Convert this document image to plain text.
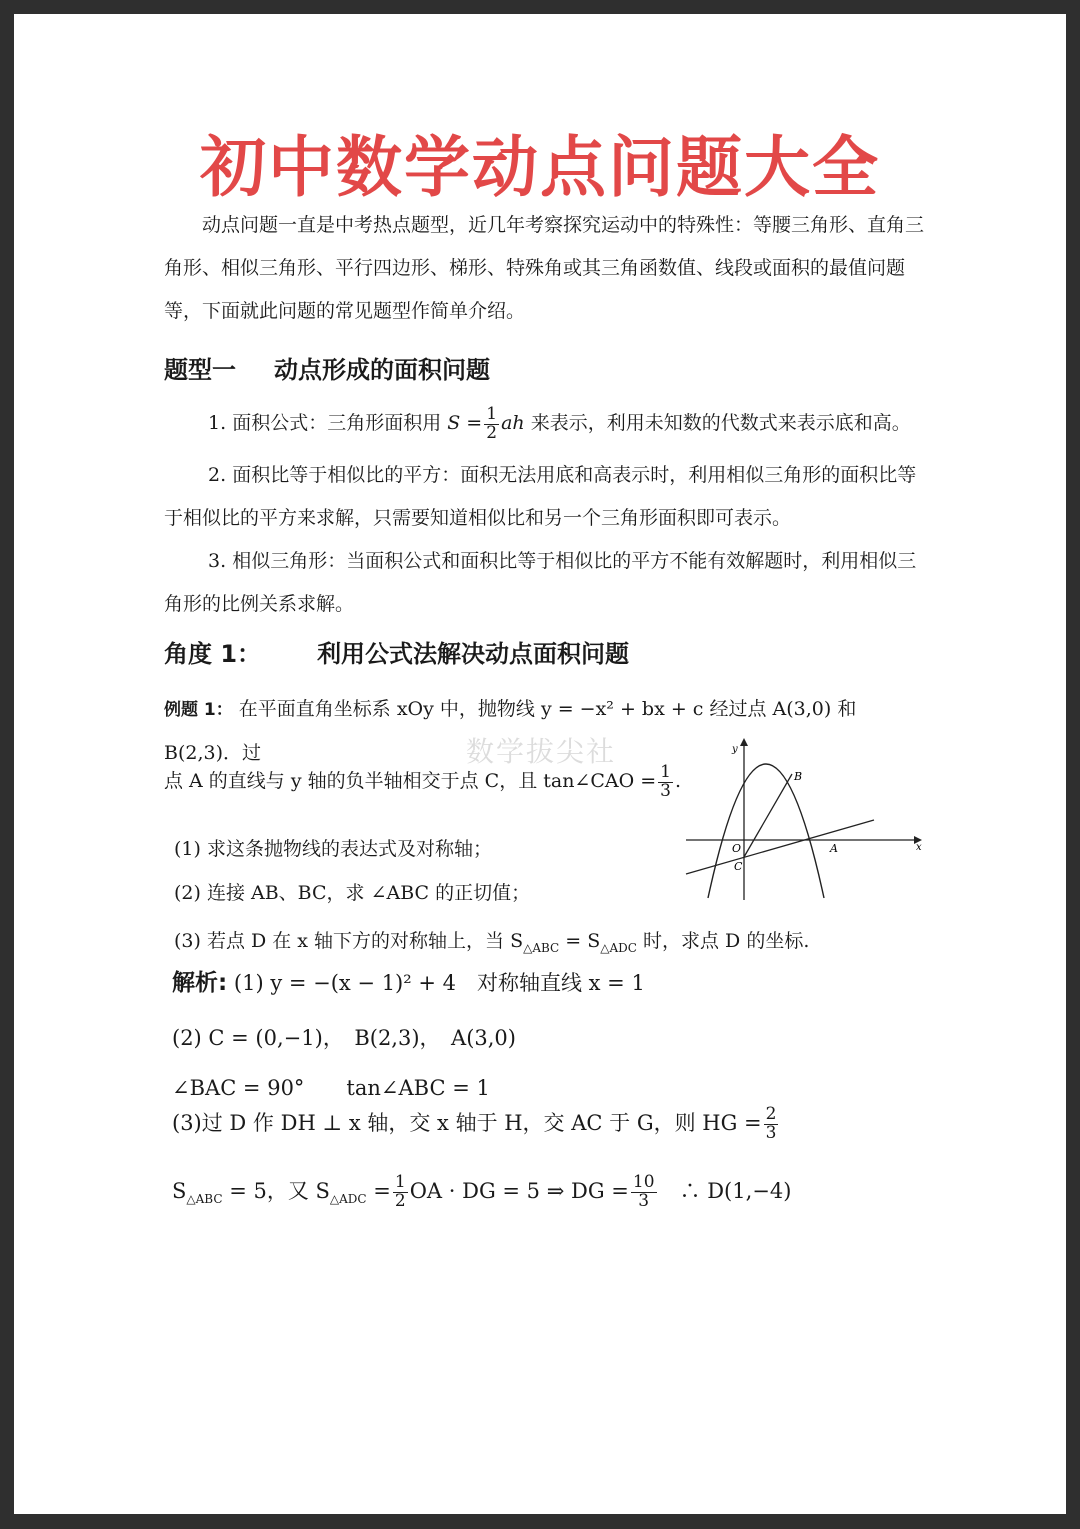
初中数学动点问题大全

动点问题一直是中考热点题型，近几年考察探究运动中的特殊性：等腰三角形、直角三角形、相似三角形、平行四边形、梯形、特殊角或其三角函数值、线段或面积的最值问题等，下面就此问题的常见题型作简单介绍。

题型一 动点形成的面积问题

1. 面积公式：三角形面积用 $S = \frac{1}{2}$ ah 来表示，利用未知数的代数式来表示底和高。

2. 面积比等于相似比的平方：面积无法用底和高表示时，利用相似三角形的面积比等于相似比的平方来求解，只需要知道相似比和另一个三角形面积即可表示。

3. 相似三角形：当面积公式和面积比等于相似比的平方不能有效解题时，利用相似三角形的比例关系求解。

角度 1： 利用公式法解决动点面积问题

例题 1： 在平面直角坐标系 xOy 中，抛物线 y = −x² + bx + c 经过点 A(3,0) 和 B(2,3)．过	数学拔尖社

点 A 的直线与 y 轴的负半轴相交于点 C，且 tan∠CAO = $\frac{1}{3}$ .

y
x
O	A
B
C

(1) 求这条抛物线的表达式及对称轴；

(2) 连接 AB、BC，求 ∠ABC 的正切值；

(3) 若点 D 在 x 轴下方的对称轴上，当 $S_{\triangle ABC} = S_{\triangle ADC}$ 时，求点 D 的坐标.

解析: (1) y = −(x − 1)² + 4　对称轴直线 x = 1

(2) C = (0,−1)，　B(2,3)，　A(3,0)

∠BAC = 90°　　tan∠ABC = 1

(3)过 D 作 DH ⊥ x 轴，交 x 轴于 H，交 AC 于 G，则 HG = $\frac{2}{3}$

$S_{\triangle ABC} = 5$，又 $S_{\triangle ADC} = \frac{1}{2}$ OA · DG = 5 ⇒ DG = $\frac{10}{3}$ 　∴ D(1,−4)
